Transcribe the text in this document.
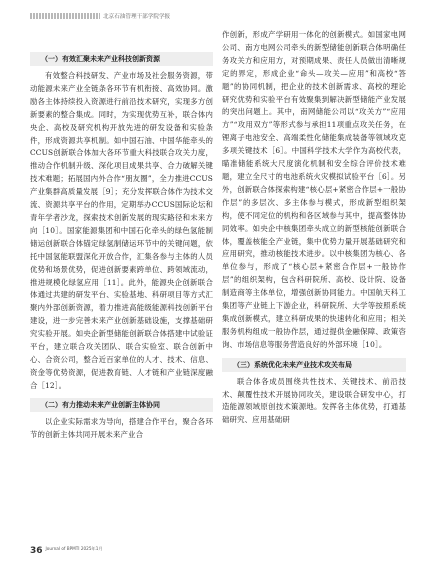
北京石油管理干部学院学报
（一）有效汇聚未来产业科技创新资源

有效整合科技研发、产业市场及社会服务资源，带动能源未来产业全链条各环节有机衔接、高效协同。激励各主体持续投入资源进行前沿技术研究，实现多方创新要素的整合集成。同时，为实现优势互补，联合体内央企、高校及研究机构开放先进的研发设备和实验条件，形成资源共享机制。如中国石油、中国华能牵头的CCUS创新联合体加大各环节重大科技联合攻关力度，推动合作机制升级、深化项目成果共享、合力破解关键技术难题；拓展国内外合作“朋友圈”，全力推进CCUS产业集群高质量发展［9］；充分发挥联合体作为技术交流、资源共享平台的作用，定期举办CCUS国际论坛和青年学者沙龙，探索技术创新发展的现实路径和未来方向［10］。国家能源集团和中国石化牵头的绿色氢能制储运创新联合体锚定绿氢制储运环节中的关键问题，依托中国氢能联盟深化开放合作，汇集各参与主体的人员优势和场景优势，促进创新要素跨单位、跨领域流动，推进规模化绿氢应用［11］。此外，能源央企创新联合体通过共建的研发平台、实验基地、科研项目等方式汇聚内外部创新资源，着力推进高能级能源科技创新平台建设，进一步完善未来产业创新基础设施，支撑基础研究实验开展。如央企新型储能创新联合体搭建中试验证平台，建立联合攻关团队、联合实验室、联合创新中心、合资公司，整合近百家单位的人才、技术、信息、资金等优势资源，促进教育链、人才链和产业链深度融合［12］。

（二）有力推动未来产业创新主体协同

以企业实际需求为导向，搭建合作平台，聚合各环节的创新主体共同开展未来产业合

作创新，形成产学研用一体化的创新模式。如国家电网公司、南方电网公司牵头的新型储能创新联合体明确任务攻关方和应用方，对预期成果、责任人员做出清晰规定的界定，形成企业“命头—攻关—应用”和高校“答题”的协同机制，把企业的技术创新需求、高校的理论研究优势和实验平台有效聚集到解决新型储能产业发展的突出问题上。其中，南网储能公司以“攻关方”“应用方”“攻用双方”等形式参与承担11项重点攻关任务，在锂离子电池安全、高端柔性化储能集成装备等领域攻克多项关键技术［6］。中国科学技术大学作为高校代表，瞄准储能系统大尺度演化机制和安全综合评价技术难题，建立全尺寸的电池系统火灾模拟试验平台［6］。另外，创新联合体探索构建“核心层+紧密合作层+一般协作层”的多层次、多主体参与模式，形成新型组织架构，使不同定位的机构和各区域参与其中，提高整体协同效率。如央企中核集团牵头成立的新型核能创新联合体，覆盖核能全产业链，集中优势力量开展基础研究和应用研究，推动核能技术进步。以中核集团为核心、各单位参与，形成了“核心层+紧密合作层+一般协作层”的组织架构，包含科研院所、高校、设计院、设备制造商等主体单位，增强创新协同能力。中国航天科工集团等产业链上下游企业，科研院所、大学等按照系统集成创新模式，建立科研成果的快速转化和应用；相关服务机构组成一般协作层，通过提供金融保障、政策咨询、市场信息等服务营造良好的外部环境［10］。

（三）系统优化未来产业技术攻关布局

联合体各成员围绕共性技术、关键技术、前沿技术、颠覆性技术开展协同攻关，建设联合研发中心，打造能源领域原创技术策源地。发挥各主体优势，打通基础研究、应用基础研

36 Journal of BPMTI 2025年1月
